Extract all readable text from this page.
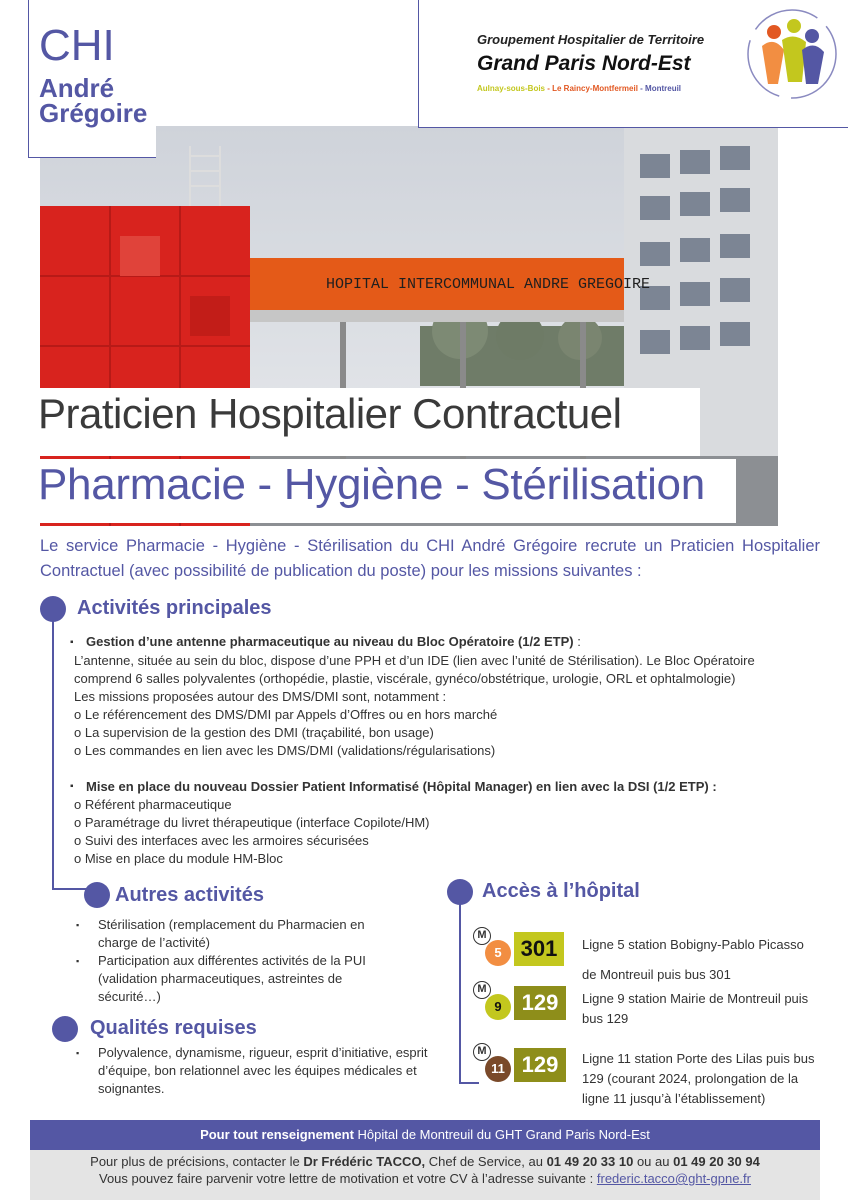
CHI
André
Grégoire
Groupement Hospitalier de Territoire
Grand Paris Nord-Est
Aulnay-sous-Bois - Le Raincy-Montfermeil - Montreuil
HOPITAL INTERCOMMUNAL ANDRE GREGOIRE
Praticien Hospitalier Contractuel
Pharmacie - Hygiène - Stérilisation
Le service Pharmacie - Hygiène - Stérilisation du CHI André Grégoire recrute un Praticien Hospitalier Contractuel (avec possibilité de publication du poste) pour les missions suivantes :
Activités principales
▪ Gestion d’une antenne pharmaceutique au niveau du Bloc Opératoire (1/2 ETP) :
L’antenne, située au sein du bloc, dispose d’une PPH et d’un IDE (lien avec l’unité de Stérilisation). Le Bloc Opératoire
comprend 6 salles polyvalentes (orthopédie, plastie, viscérale, gynéco/obstétrique, urologie, ORL et ophtalmologie)
Les missions proposées autour des DMS/DMI sont, notamment :
o Le référencement des DMS/DMI par Appels d’Offres ou en hors marché
o La supervision de la gestion des DMI (traçabilité, bon usage)
o Les commandes en lien avec les DMS/DMI (validations/régularisations)
▪ Mise en place du nouveau Dossier Patient Informatisé (Hôpital Manager) en lien avec la DSI (1/2 ETP) :
o Référent pharmaceutique
o Paramétrage du livret thérapeutique (interface Copilote/HM)
o Suivi des interfaces avec les armoires sécurisées
o Mise en place du module HM-Bloc
Autres activités
▪ Stérilisation (remplacement du Pharmacien en charge de l’activité)
▪ Participation aux différentes activités de la PUI (validation pharmaceutiques, astreintes de sécurité…)
Qualités requises
▪ Polyvalence, dynamisme, rigueur, esprit d’initiative, esprit d’équipe, bon relationnel avec les équipes médicales et soignantes.
Accès à l’hôpital
M
5 301	Ligne 5 station Bobigny-Pablo Picasso
de Montreuil puis bus 301
M
9 129	Ligne 9 station Mairie de Montreuil puis
bus 129
M
11 129	Ligne 11 station Porte des Lilas puis bus
129 (courant 2024, prolongation de la
ligne 11 jusqu’à l’établissement)
Pour tout renseignement Hôpital de Montreuil du GHT Grand Paris Nord-Est
Pour plus de précisions, contacter le Dr Frédéric TACCO, Chef de Service, au 01 49 20 33 10 ou au 01 49 20 30 94
Vous pouvez faire parvenir votre lettre de motivation et votre CV à l’adresse suivante : frederic.tacco@ght-gpne.fr
